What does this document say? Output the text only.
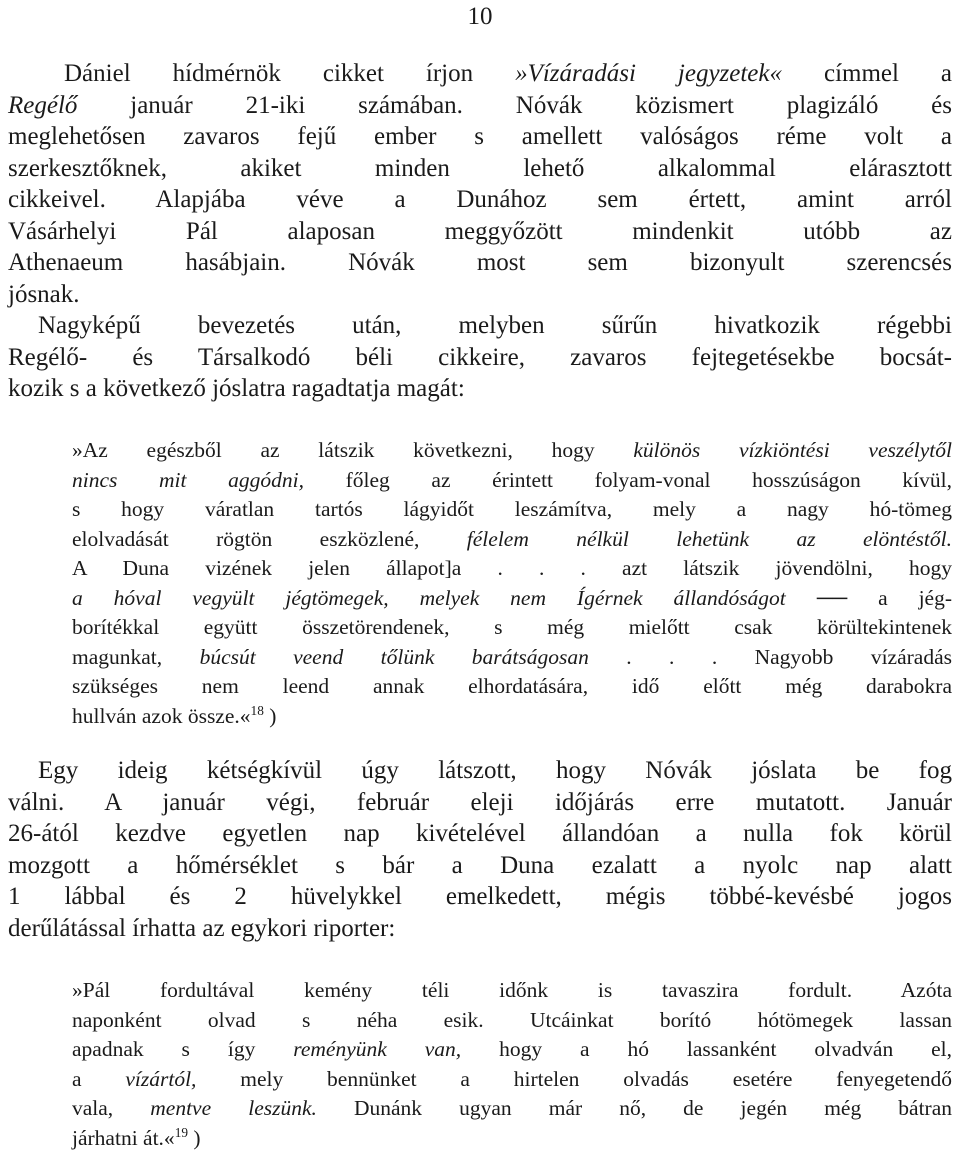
10
Dániel hídmérnök cikket írjon »Vízáradási jegyzetek« címmel a
Regélő január 21-iki számában. Nóvák közismert plagizáló és
meglehetősen zavaros fejű ember s amellett valóságos réme volt a
szerkesztőknek, akiket minden lehető alkalommal elárasztott
cikkeivel. Alapjába véve a Dunához sem értett, amint arról
Vásárhelyi Pál alaposan meggyőzött mindenkit utóbb az
Athenaeum hasábjain. Nóvák most sem bizonyult szerencsés
jósnak.
Nagyképű bevezetés után, melyben sűrűn hivatkozik régebbi
Regélő- és Társalkodó béli cikkeire, zavaros fejtegetésekbe bocsát-
kozik s a következő jóslatra ragadtatja magát:
»Az egészből az látszik következni, hogy különös vízkiöntési veszélytől
nincs mit aggódni, főleg az érintett folyam-vonal hosszúságon kívül,
s hogy váratlan tartós lágyidőt leszámítva, mely a nagy hó-tömeg
elolvadását rögtön eszközlené, félelem nélkül lehetünk az elöntéstől.
A Duna vizének jelen állapot]a . . . azt látszik jövendölni, hogy
a hóval vegyült jégtömegek, melyek nem Ígérnek állandóságot ── a jég-
borítékkal együtt összetörendenek, s még mielőtt csak körültekintenek
magunkat, búcsút veend tőlünk barátságosan . . . Nagyobb vízáradás
szükséges nem leend annak elhordatására, idő előtt még darabokra
hullván azok össze.«$^{18}$ )
Egy ideig kétségkívül úgy látszott, hogy Nóvák jóslata be fog
válni. A január végi, február eleji időjárás erre mutatott. Január
26-ától kezdve egyetlen nap kivételével állandóan a nulla fok körül
mozgott a hőmérséklet s bár a Duna ezalatt a nyolc nap alatt
1 lábbal és 2 hüvelykkel emelkedett, mégis többé-kevésbé jogos
derűlátással írhatta az egykori riporter:
»Pál fordultával kemény téli időnk is tavaszira fordult. Azóta
naponként olvad s néha esik. Utcáinkat borító hótömegek lassan
apadnak s így reményünk van, hogy a hó lassanként olvadván el,
a vízártól, mely bennünket a hirtelen olvadás esetére fenyegetendő
vala, mentve leszünk. Dunánk ugyan már nő, de jegén még bátran
járhatni át.«$^{19}$ )
